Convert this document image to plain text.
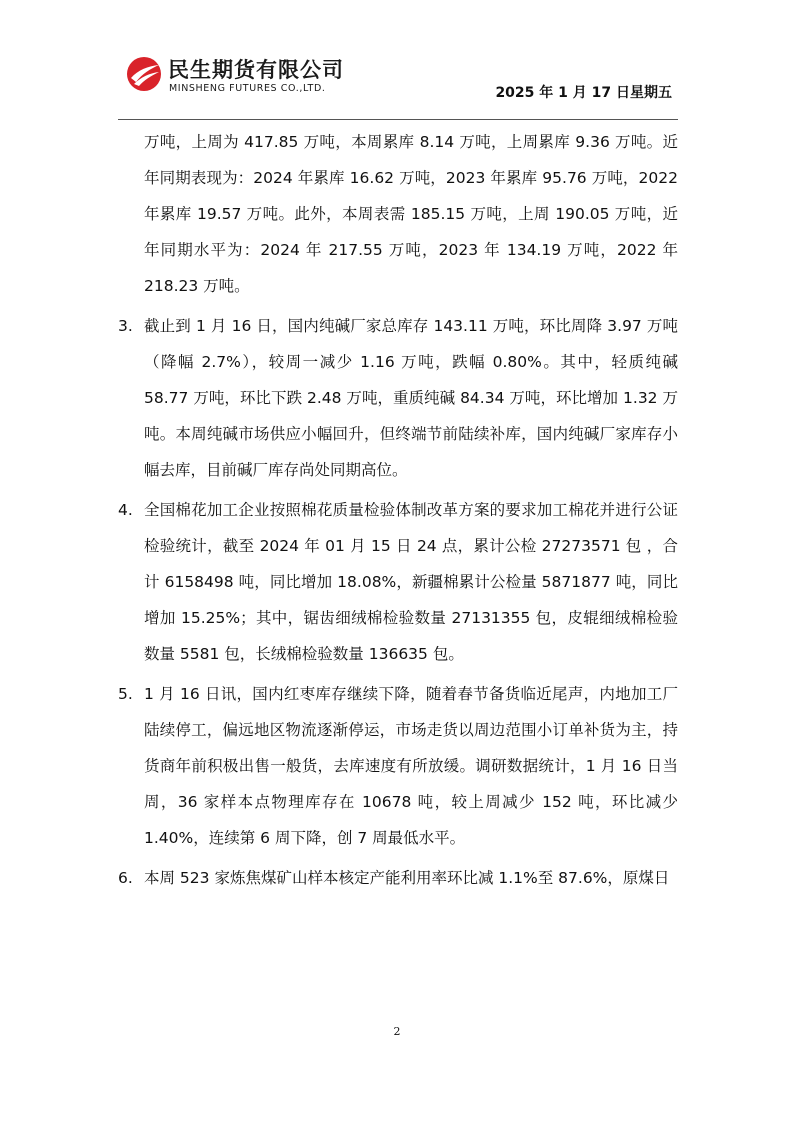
民生期货有限公司
MINSHENG FUTURES CO.,LTD.	2025 年 1 月 17 日星期五

万吨，上周为 417.85 万吨，本周累库 8.14 万吨，上周累库 9.36 万吨。近年同期表现为：2024 年累库 16.62 万吨，2023 年累库 95.76 万吨，2022 年累库 19.57 万吨。此外，本周表需 185.15 万吨，上周 190.05 万吨，近年同期水平为：2024 年 217.55 万吨，2023 年 134.19 万吨，2022 年 218.23 万吨。

3. 截止到 1 月 16 日，国内纯碱厂家总库存 143.11 万吨，环比周降 3.97 万吨（降幅 2.7%），较周一减少 1.16 万吨，跌幅 0.80%。其中，轻质纯碱 58.77 万吨，环比下跌 2.48 万吨，重质纯碱 84.34 万吨，环比增加 1.32 万吨。本周纯碱市场供应小幅回升，但终端节前陆续补库，国内纯碱厂家库存小幅去库，目前碱厂库存尚处同期高位。
4. 全国棉花加工企业按照棉花质量检验体制改革方案的要求加工棉花并进行公证检验统计，截至 2024 年 01 月 15 日 24 点，累计公检 27273571 包 ，合计 6158498 吨，同比增加 18.08%，新疆棉累计公检量 5871877 吨，同比增加 15.25%；其中，锯齿细绒棉检验数量 27131355 包，皮辊细绒棉检验数量 5581 包，长绒棉检验数量 136635 包。
5. 1 月 16 日讯，国内红枣库存继续下降，随着春节备货临近尾声，内地加工厂陆续停工，偏远地区物流逐渐停运，市场走货以周边范围小订单补货为主，持货商年前积极出售一般货，去库速度有所放缓。调研数据统计，1 月 16 日当周，36 家样本点物理库存在 10678 吨，较上周减少 152 吨，环比减少 1.40%，连续第 6 周下降，创 7 周最低水平。
6. 本周 523 家炼焦煤矿山样本核定产能利用率环比减 1.1%至 87.6%，原煤日
2
